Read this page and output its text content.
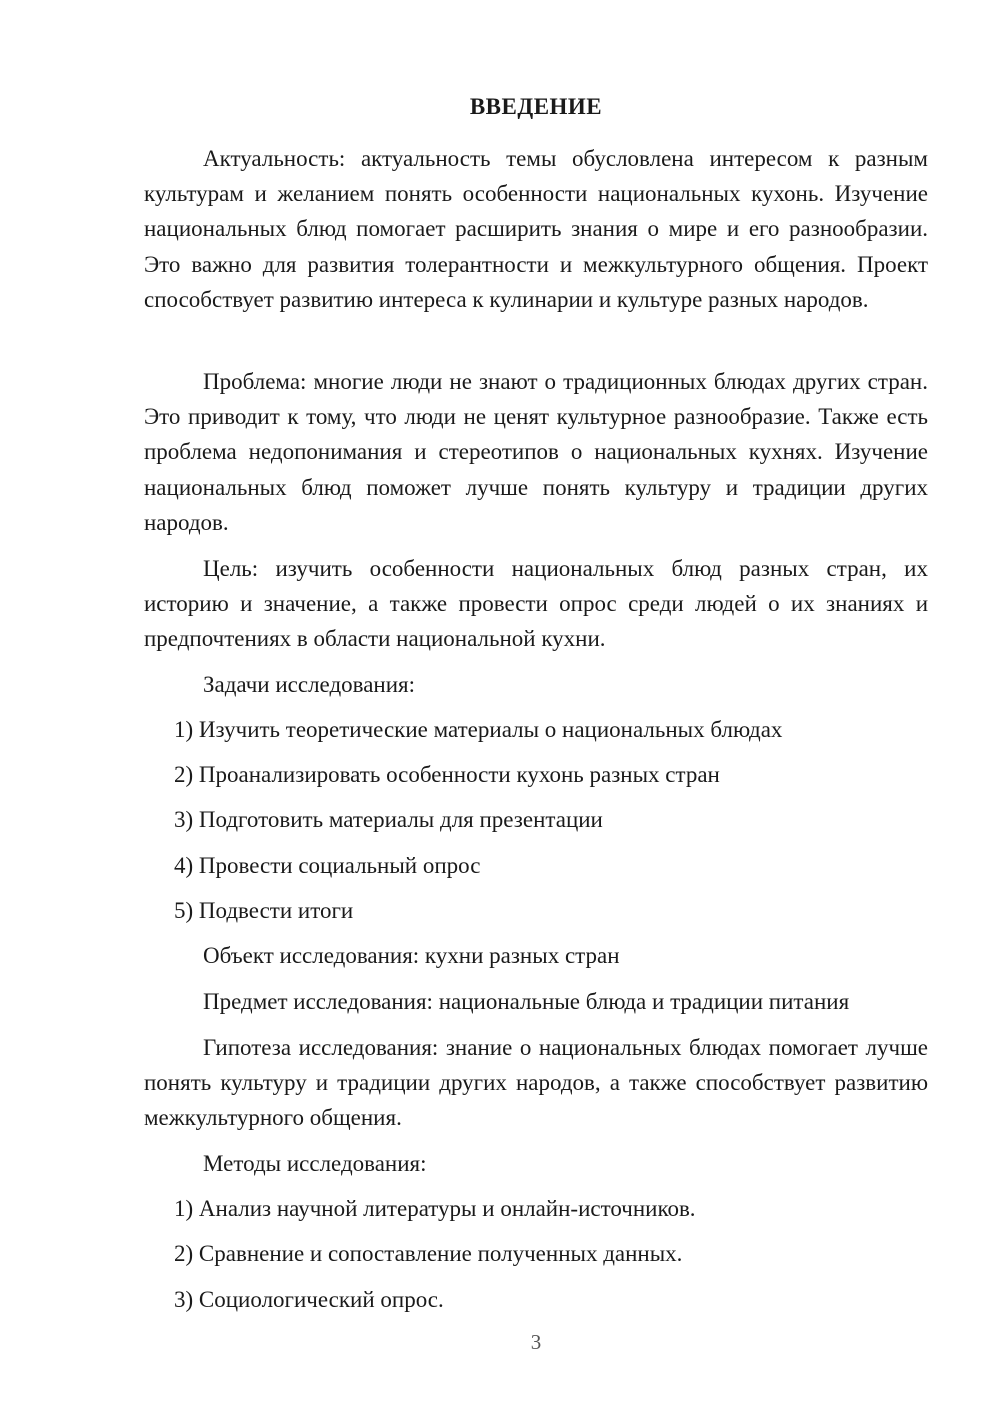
ВВЕДЕНИЕ

Актуальность: актуальность темы обусловлена интересом к разным культурам и желанием понять особенности национальных кухонь. Изучение национальных блюд помогает расширить знания о мире и его разнообразии. Это важно для развития толерантности и межкультурного общения. Проект способствует развитию интереса к кулинарии и культуре разных народов.

Проблема: многие люди не знают о традиционных блюдах других стран. Это приводит к тому, что люди не ценят культурное разнообразие. Также есть проблема недопонимания и стереотипов о национальных кухнях. Изучение национальных блюд поможет лучше понять культуру и традиции других народов.

Цель: изучить особенности национальных блюд разных стран, их историю и значение, а также провести опрос среди людей о их знаниях и предпочтениях в области национальной кухни.

Задачи исследования:
1) Изучить теоретические материалы о национальных блюдах
2) Проанализировать особенности кухонь разных стран
3) Подготовить материалы для презентации
4) Провести социальный опрос
5) Подвести итоги
Объект исследования: кухни разных стран
Предмет исследования: национальные блюда и традиции питания

Гипотеза исследования: знание о национальных блюдах помогает лучше понять культуру и традиции других народов, а также способствует развитию межкультурного общения.

Методы исследования:
1) Анализ научной литературы и онлайн-источников.
2) Сравнение и сопоставление полученных данных.
3) Социологический опрос.
3
